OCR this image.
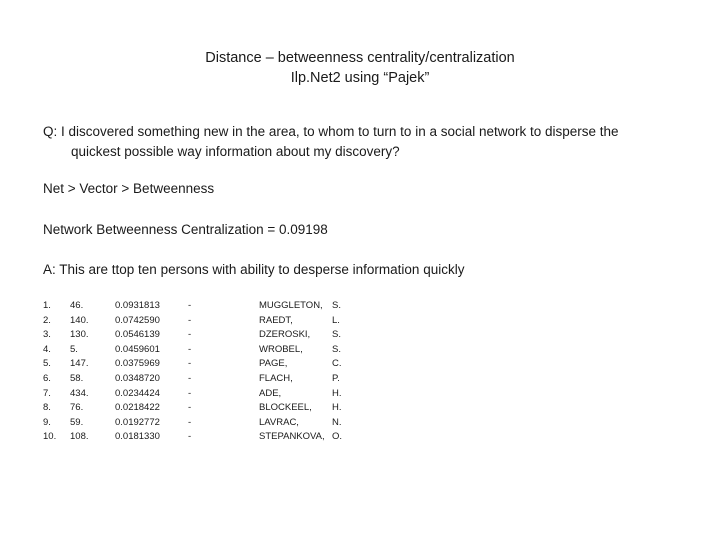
Distance – betweenness centrality/centralization
Ilp.Net2 using “Pajek”
Q: I discovered something new in the area, to whom to turn to in a social network to disperse the
quickest possible way information about my discovery?
Net > Vector > Betweenness
Network Betweenness Centralization = 0.09198
A: This are ttop ten persons with ability to desperse information quickly
1. 46.	0.0931813	-	MUGGLETON, S.
2. 140.	0.0742590	-	RAEDT,	L.
3. 130.	0.0546139	-	DZEROSKI, S.
4. 5.	0.0459601	-	WROBEL,	S.
5. 147.	0.0375969	-	PAGE,	C.
6. 58.	0.0348720	-	FLACH,	P.
7. 434.	0.0234424	-	ADE,	H.
8. 76.	0.0218422	-	BLOCKEEL, H.
9. 59.	0.0192772	-	LAVRAC,	N.
10. 108.	0.0181330	-	STEPANKOVA, O.
